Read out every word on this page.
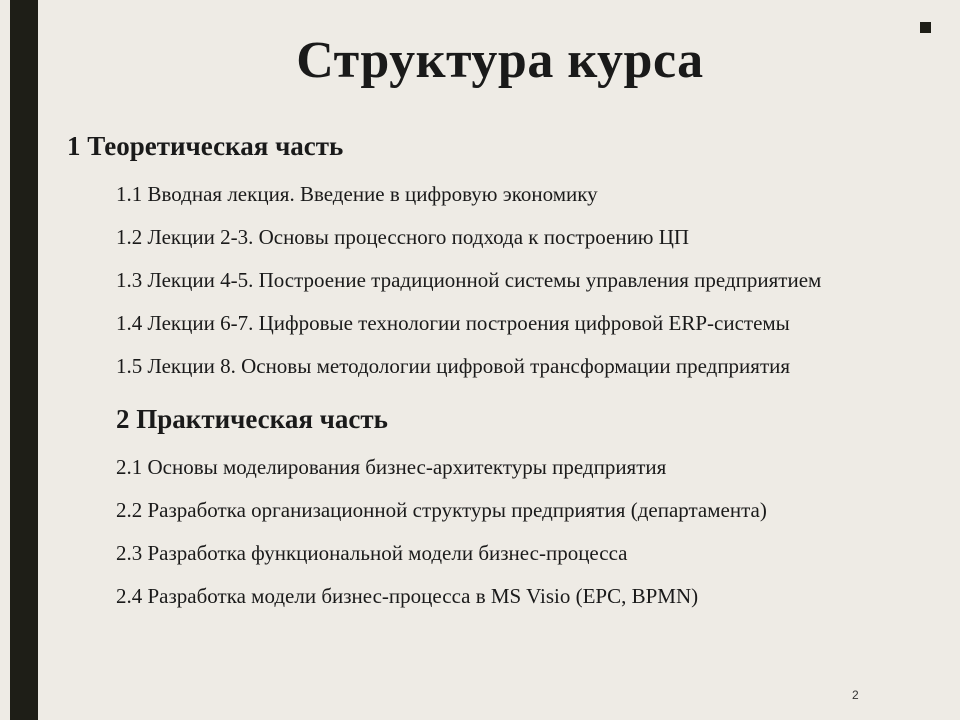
Структура курса
1 Теоретическая часть
1.1 Вводная лекция. Введение в цифровую экономику
1.2 Лекции 2-3. Основы процессного подхода к построению ЦП
1.3 Лекции 4-5. Построение традиционной системы управления предприятием
1.4 Лекции 6-7. Цифровые технологии построения цифровой ERP-системы
1.5 Лекции 8. Основы методологии цифровой трансформации предприятия
2 Практическая часть
2.1 Основы моделирования бизнес-архитектуры предприятия
2.2 Разработка организационной структуры предприятия (департамента)
2.3 Разработка функциональной модели бизнес-процесса
2.4 Разработка модели бизнес-процесса в MS Visio (EPC, BPMN)
2
